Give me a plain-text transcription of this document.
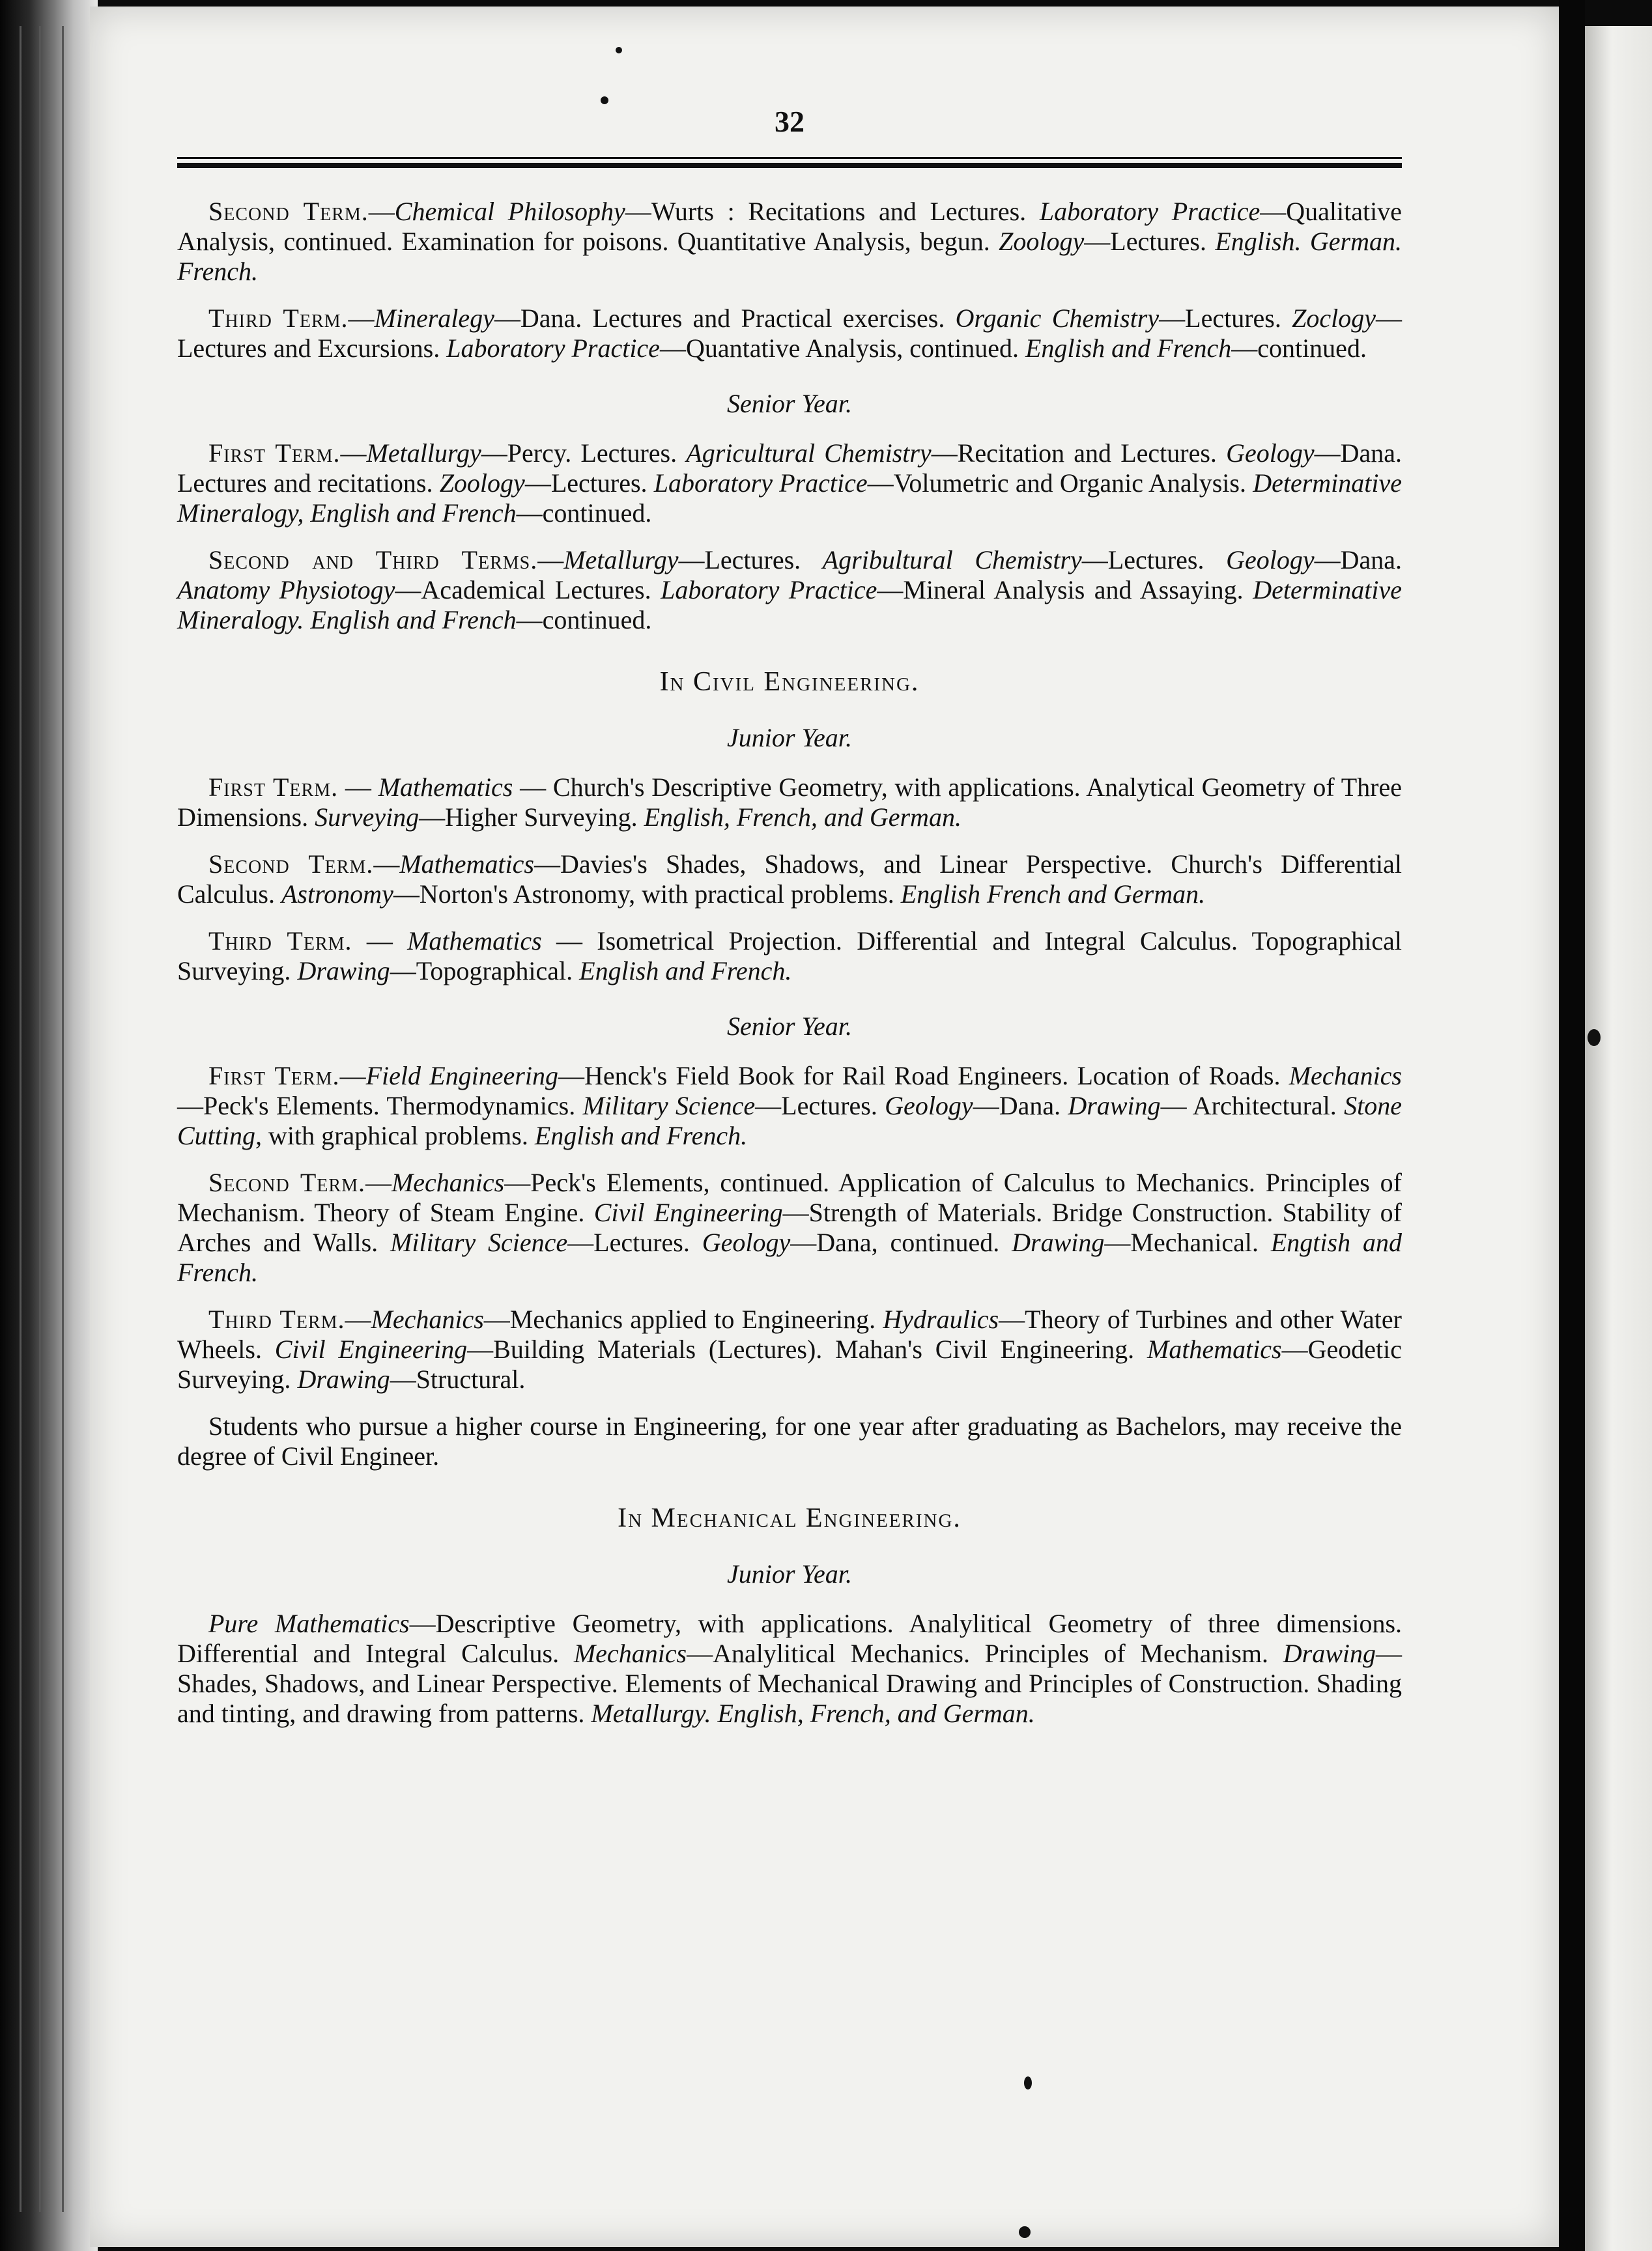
32

Second Term.—Chemical Philosophy—Wurts : Recitations and Lectures. Laboratory Practice—Qualitative Analysis, continued. Examination for poisons. Quantitative Analysis, begun. Zoology—Lectures. English. German. French.

Third Term.—Mineralegy—Dana. Lectures and Practical exercises. Organic Chemistry—Lectures. Zoclogy—Lectures and Excursions. Laboratory Practice—Quantative Analysis, continued. English and French—continued.

Senior Year.

First Term.—Metallurgy—Percy. Lectures. Agricultural Chemistry—Recitation and Lectures. Geology—Dana. Lectures and recitations. Zoology—Lectures. Laboratory Practice—Volumetric and Organic Analysis. Determinative Mineralogy, English and French—continued.

Second and Third Terms.—Metallurgy—Lectures. Agribultural Chemistry—Lectures. Geology—Dana. Anatomy Physiotogy—Academical Lectures. Laboratory Practice—Mineral Analysis and Assaying. Determinative Mineralogy. English and French—continued.

In Civil Engineering.
Junior Year.

First Term. — Mathematics — Church's Descriptive Geometry, with applications. Analytical Geometry of Three Dimensions. Surveying—Higher Surveying. English, French, and German.

Second Term.—Mathematics—Davies's Shades, Shadows, and Linear Perspective. Church's Differential Calculus. Astronomy—Norton's Astronomy, with practical problems. English French and German.

Third Term. — Mathematics — Isometrical Projection. Differential and Integral Calculus. Topographical Surveying. Drawing—Topographical. English and French.

Senior Year.

First Term.—Field Engineering—Henck's Field Book for Rail Road Engineers. Location of Roads. Mechanics—Peck's Elements. Thermodynamics. Military Science—Lectures. Geology—Dana. Drawing— Architectural. Stone Cutting, with graphical problems. English and French.

Second Term.—Mechanics—Peck's Elements, continued. Application of Calculus to Mechanics. Principles of Mechanism. Theory of Steam Engine. Civil Engineering—Strength of Materials. Bridge Construction. Stability of Arches and Walls. Military Science—Lectures. Geology—Dana, continued. Drawing—Mechanical. Engtish and French.

Third Term.—Mechanics—Mechanics applied to Engineering. Hydraulics—Theory of Turbines and other Water Wheels. Civil Engineering—Building Materials (Lectures). Mahan's Civil Engineering. Mathematics—Geodetic Surveying. Drawing—Structural.

Students who pursue a higher course in Engineering, for one year after graduating as Bachelors, may receive the degree of Civil Engineer.

In Mechanical Engineering.
Junior Year.

Pure Mathematics—Descriptive Geometry, with applications. Analylitical Geometry of three dimensions. Differential and Integral Calculus. Mechanics—Analylitical Mechanics. Principles of Mechanism. Drawing—Shades, Shadows, and Linear Perspective. Elements of Mechanical Drawing and Principles of Construction. Shading and tinting, and drawing from patterns. Metallurgy. English, French, and German.
